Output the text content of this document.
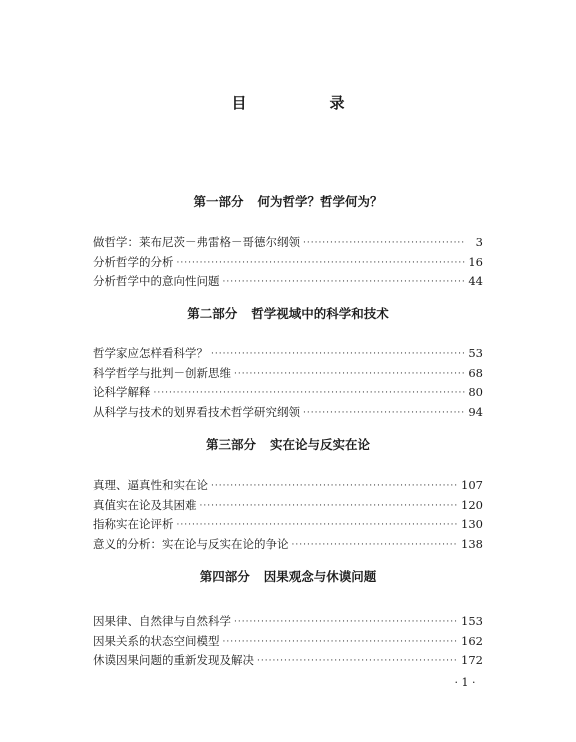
目　录
第一部分 何为哲学？哲学何为？
做哲学：莱布尼茨－弗雷格－哥德尔纲领 ·····	3
分析哲学的分析 ·····	16
分析哲学中的意向性问题 ·····	44
第二部分 哲学视域中的科学和技术
哲学家应怎样看科学？ ·····	53
科学哲学与批判－创新思维 ·····	68
论科学解释 ·····	80
从科学与技术的划界看技术哲学研究纲领 ·····	94
第三部分 实在论与反实在论
真理、逼真性和实在论 ·····	107
真值实在论及其困难 ·····	120
指称实在论评析 ·····	130
意义的分析：实在论与反实在论的争论 ·····	138
第四部分 因果观念与休谟问题
因果律、自然律与自然科学 ·····	153
因果关系的状态空间模型 ·····	162
休谟因果问题的重新发现及解决 ·····	172
· 1 ·
